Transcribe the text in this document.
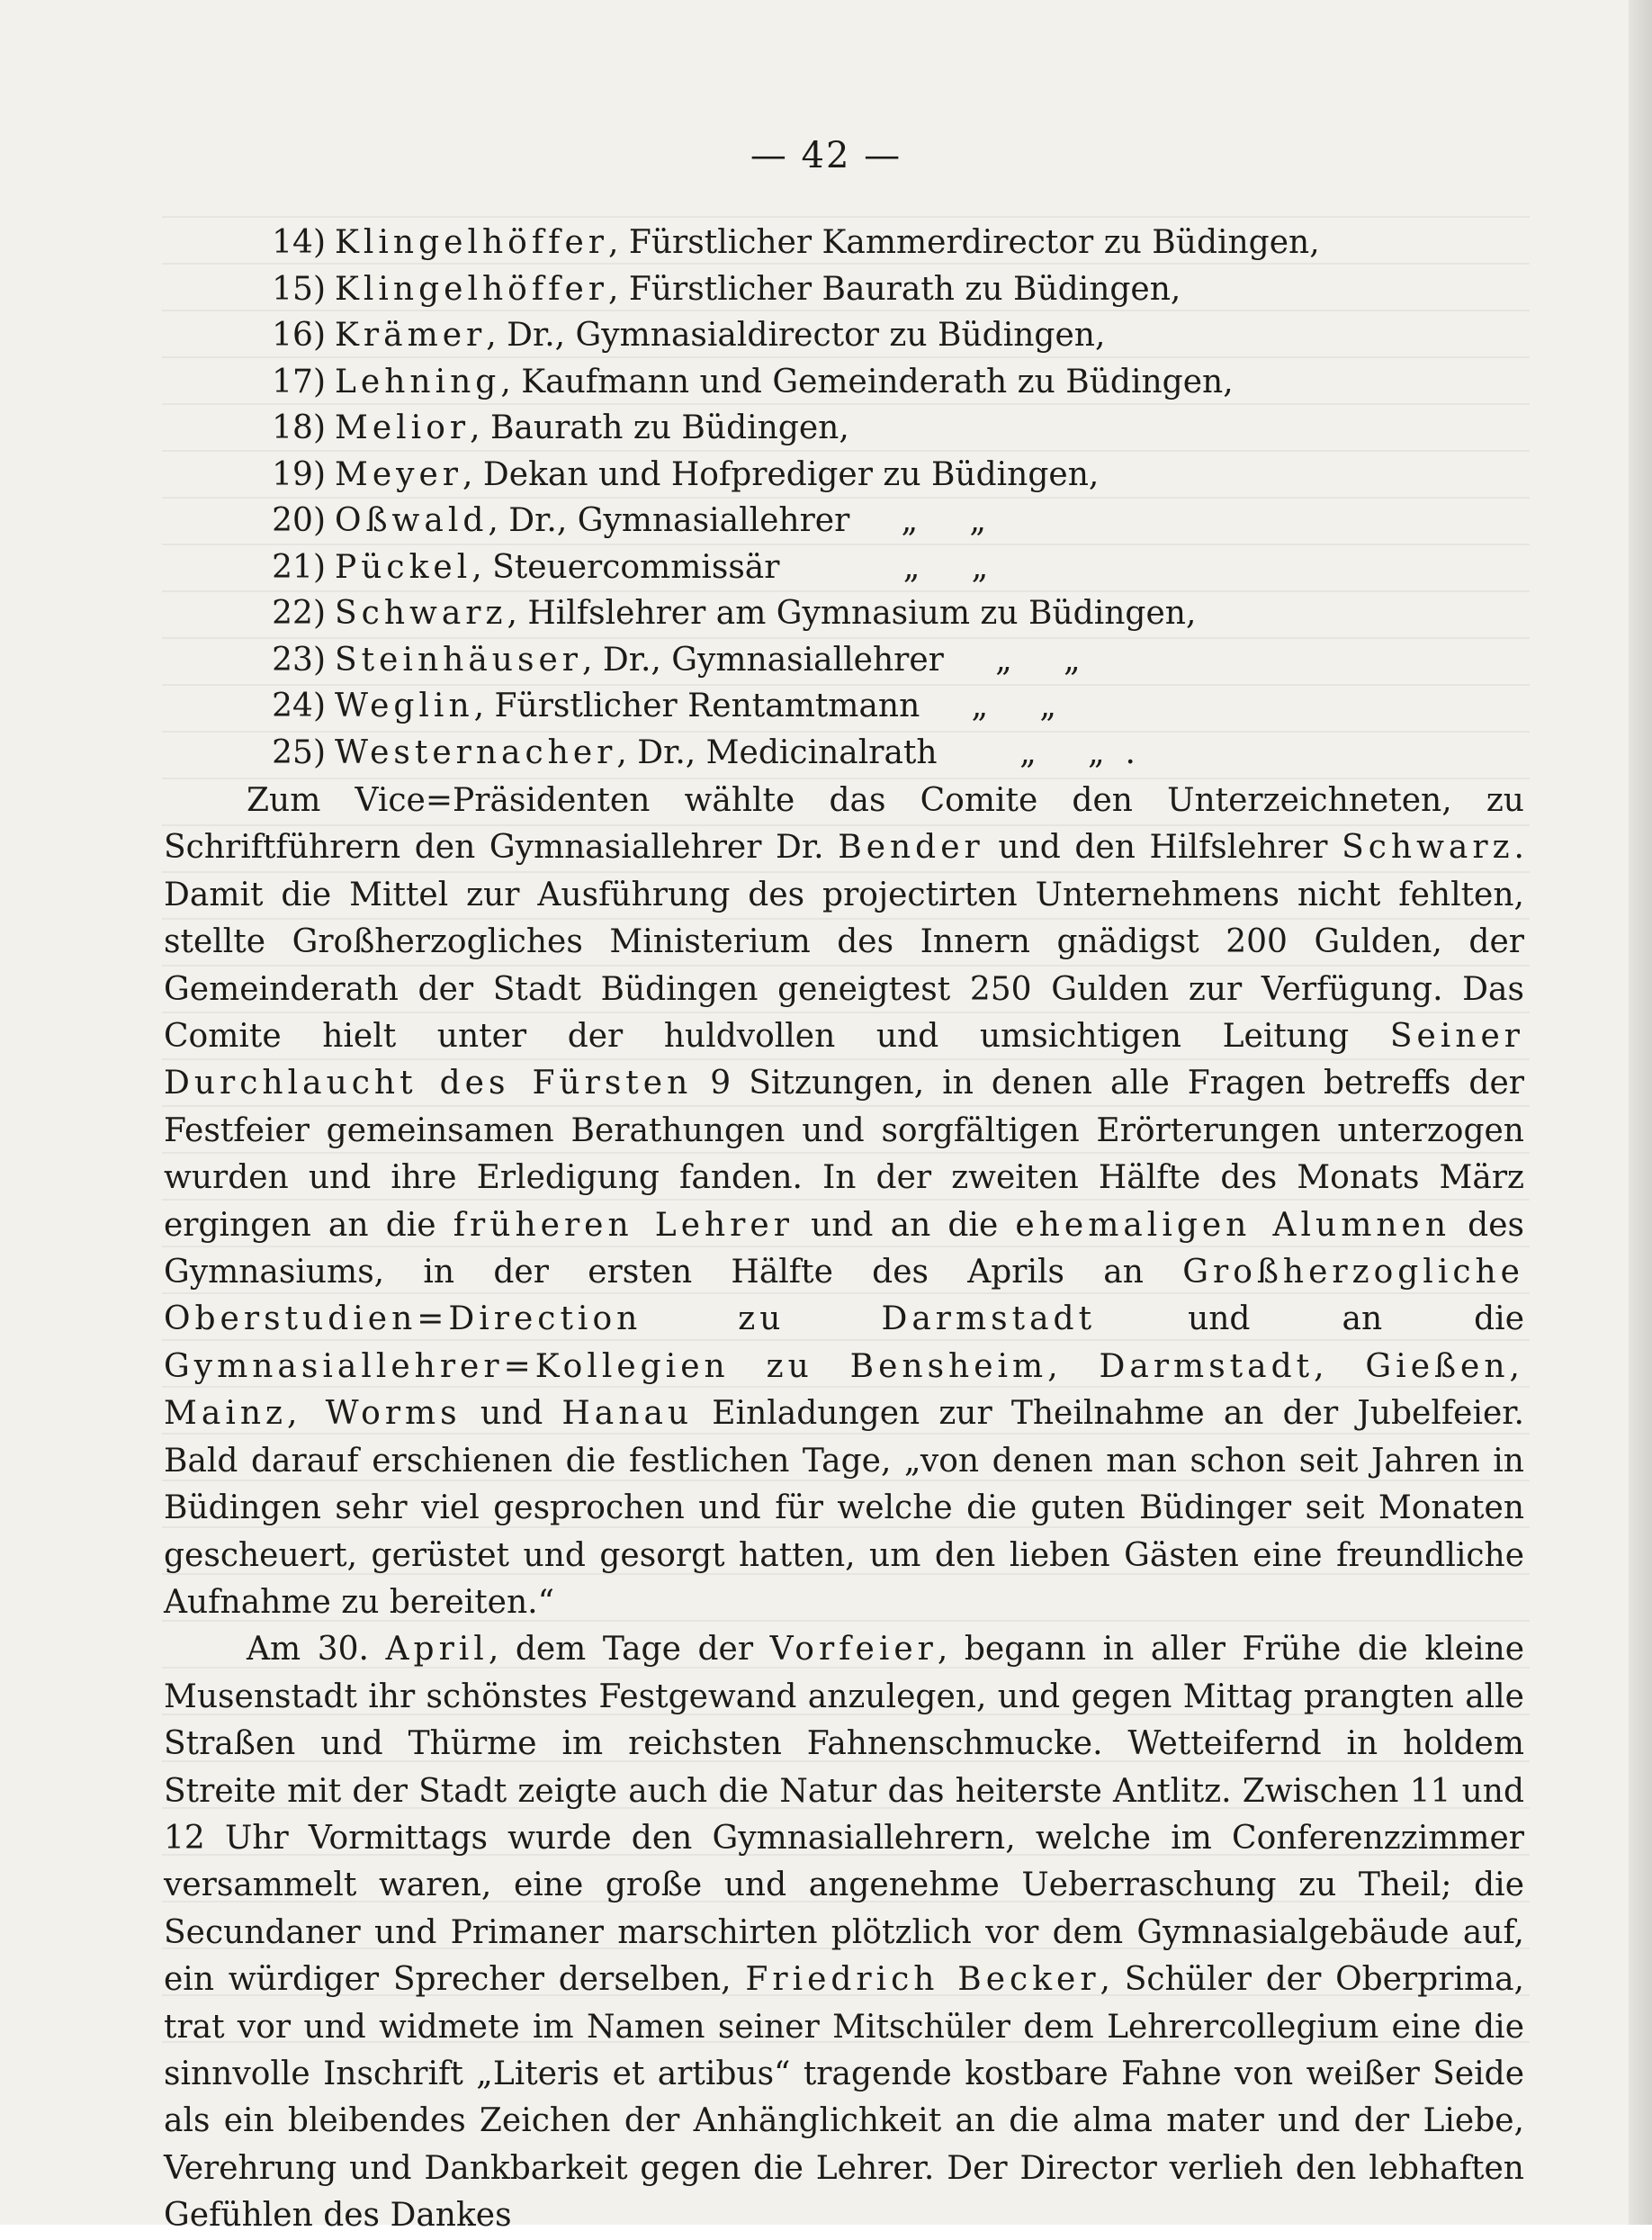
— 42 —
14) Klingelhöffer, Fürstlicher Kammerdirector zu Büdingen,
15) Klingelhöffer, Fürstlicher Baurath zu Büdingen,
16) Krämer, Dr., Gymnasialdirector zu Büdingen,
17) Lehning, Kaufmann und Gemeinderath zu Büdingen,
18) Melior, Baurath zu Büdingen,
19) Meyer, Dekan und Hofprediger zu Büdingen,
20) Oßwald, Dr., Gymnasiallehrer     „     „
21) Pückel, Steuercommissär            „     „
22) Schwarz, Hilfslehrer am Gymnasium zu Büdingen,
23) Steinhäuser, Dr., Gymnasiallehrer     „     „
24) Weglin, Fürstlicher Rentamtmann     „     „
25) Westernacher, Dr., Medicinalrath        „     „  .

Zum Vice=Präsidenten wählte das Comite den Unterzeichneten, zu Schriftführern den Gymnasiallehrer Dr. Bender und den Hilfslehrer Schwarz. Damit die Mittel zur Ausführung des projectirten Unternehmens nicht fehlten, stellte Großherzogliches Ministerium des Innern gnädigst 200 Gulden, der Gemeinderath der Stadt Büdingen geneigtest 250 Gulden zur Verfügung. Das Comite hielt unter der huldvollen und umsichtigen Leitung Seiner Durchlaucht des Fürsten 9 Sitzungen, in denen alle Fragen betreffs der Festfeier gemeinsamen Berathungen und sorgfältigen Erörterungen unterzogen wurden und ihre Erledigung fanden. In der zweiten Hälfte des Monats März ergingen an die früheren Lehrer und an die ehemaligen Alumnen des Gymnasiums, in der ersten Hälfte des Aprils an Großherzogliche Oberstudien=Direction zu Darmstadt und an die Gymnasiallehrer=Kollegien zu Bensheim, Darmstadt, Gießen, Mainz, Worms und Hanau Einladungen zur Theilnahme an der Jubelfeier. Bald darauf erschienen die festlichen Tage, „von denen man schon seit Jahren in Büdingen sehr viel gesprochen und für welche die guten Büdinger seit Monaten gescheuert, gerüstet und gesorgt hatten, um den lieben Gästen eine freundliche Aufnahme zu bereiten.“

Am 30. April, dem Tage der Vorfeier, begann in aller Frühe die kleine Musenstadt ihr schönstes Festgewand anzulegen, und gegen Mittag prangten alle Straßen und Thürme im reichsten Fahnenschmucke. Wetteifernd in holdem Streite mit der Stadt zeigte auch die Natur das heiterste Antlitz. Zwischen 11 und 12 Uhr Vormittags wurde den Gymnasiallehrern, welche im Conferenzzimmer versammelt waren, eine große und angenehme Ueberraschung zu Theil; die Secundaner und Primaner marschirten plötzlich vor dem Gymnasialgebäude auf, ein würdiger Sprecher derselben, Friedrich Becker, Schüler der Oberprima, trat vor und widmete im Namen seiner Mitschüler dem Lehrercollegium eine die sinnvolle Inschrift „Literis et artibus“ tragende kostbare Fahne von weißer Seide als ein bleibendes Zeichen der Anhänglichkeit an die alma mater und der Liebe, Verehrung und Dankbarkeit gegen die Lehrer. Der Director verlieh den lebhaften Gefühlen des Dankes
